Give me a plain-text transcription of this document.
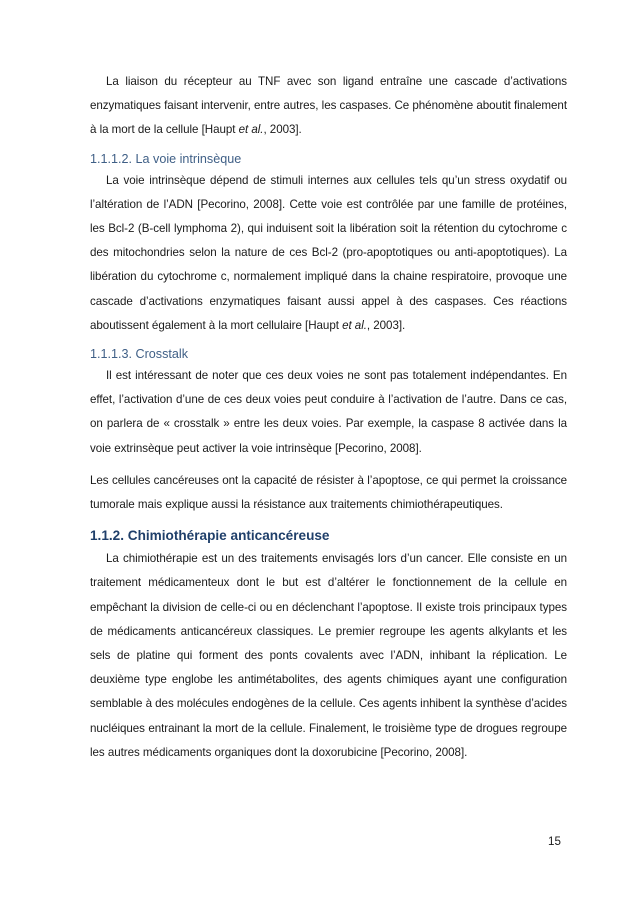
La liaison du récepteur au TNF avec son ligand entraîne une cascade d’activations enzymatiques faisant intervenir, entre autres, les caspases. Ce phénomène aboutit finalement à la mort de la cellule [Haupt et al., 2003].

1.1.1.2. La voie intrinsèque

La voie intrinsèque dépend de stimuli internes aux cellules tels qu’un stress oxydatif ou l’altération de l’ADN [Pecorino, 2008]. Cette voie est contrôlée par une famille de protéines, les Bcl-2 (B-cell lymphoma 2), qui induisent soit la libération soit la rétention du cytochrome c des mitochondries selon la nature de ces Bcl-2 (pro-apoptotiques ou anti-apoptotiques). La libération du cytochrome c, normalement impliqué dans la chaine respiratoire, provoque une cascade d’activations enzymatiques faisant aussi appel à des caspases. Ces réactions aboutissent également à la mort cellulaire [Haupt et al., 2003].

1.1.1.3. Crosstalk

Il est intéressant de noter que ces deux voies ne sont pas totalement indépendantes. En effet, l’activation d’une de ces deux voies peut conduire à l’activation de l’autre. Dans ce cas, on parlera de « crosstalk » entre les deux voies. Par exemple, la caspase 8 activée dans la voie extrinsèque peut activer la voie intrinsèque [Pecorino, 2008].

Les cellules cancéreuses ont la capacité de résister à l’apoptose, ce qui permet la croissance tumorale mais explique aussi la résistance aux traitements chimiothérapeutiques.

1.1.2. Chimiothérapie anticancéreuse

La chimiothérapie est un des traitements envisagés lors d’un cancer. Elle consiste en un traitement médicamenteux dont le but est d’altérer le fonctionnement de la cellule en empêchant la division de celle-ci ou en déclenchant l’apoptose. Il existe trois principaux types de médicaments anticancéreux classiques. Le premier regroupe les agents alkylants et les sels de platine qui forment des ponts covalents avec l’ADN, inhibant la réplication. Le deuxième type englobe les antimétabolites, des agents chimiques ayant une configuration semblable à des molécules endogènes de la cellule. Ces agents inhibent la synthèse d’acides nucléiques entrainant la mort de la cellule. Finalement, le troisième type de drogues regroupe les autres médicaments organiques dont la doxorubicine [Pecorino, 2008].

15
